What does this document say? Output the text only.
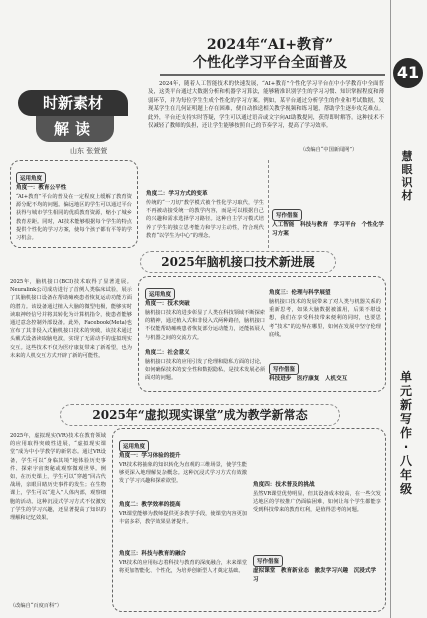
41
慧眼识材
单元新写作·八年级
时新素材
解读
山东 张萱萱
2024年“AI+教育”
个性化学习平台全面普及
2024年，随着人工智能技术的快速发展，“AI+教育”个性化学习平台在中小学教育中全面普及，这类平台通过大数据分析和机器学习算法，能够精准识别学生的学习习惯、知识掌握程度和薄弱环节，并为每位学生生成个性化的学习方案。例如，某平台通过分析学生的作业和考试数据，发现某学生在几何证明题上存在困难，便自动推送相关教学视频和练习题，帮助学生逐步攻克难点。此外，平台还支持实时答疑，学生可以通过语音或文字向AI助教提问，获得即时解答。这种技术不仅减轻了教师的负担，还让学生能够按照自己的节奏学习，提高了学习效率。
（改编自“中国新闻网”）
运用角度
角度一：教育公平性
“AI+教育”平台的普及在一定程度上缓解了教育资源分配不均的问题。偏远地区的学生可以通过平台获得与城市学生相同的优质教育资源，缩小了城乡教育差距。同时，AI技术能够根据每个学生的特点提供个性化的学习方案，使每个孩子都有平等的学习机会。

角度二：学习方式的变革
传统的“一刀切”教学模式被个性化学习取代，学生不再被动接受统一的教学内容，而是可以根据自己的兴趣和需求选择学习路径。这种自主学习模式培养了学生的独立思考能力和学习主动性，符合现代教育“以学生为中心”的理念。

写作借鉴
人工智能　科技与教育　学习平台　个性化学习方案
2025年脑机接口技术新进展
2025年，脑机接口(BCI)技术取得了显著进展。Neuralink公司成功进行了首例人类临床试验，展示了其脑机接口设备在帮助瘫痪患者恢复运动功能方面的潜力。该设备通过植入大脑的微型电极，能够实时读取神经信号并将其转化为计算机指令，使患者能够通过意念控制外部设备。此外，Facebook(Meta)也宣布了其非侵入式脑机接口技术的突破，该技术通过头戴式设备读取脑电波，实现了无需动手的虚拟现实交互。这些技术不仅为医疗康复带来了新希望，也为未来的人机交互方式开辟了新的可能性。
运用角度
角度一：技术突破
脑机接口技术的进步彰显了人类在科技领域不断探索的精神，通过植入式和非侵入式两种路径，脑机接口不仅能帮助瘫痪患者恢复部分运动能力，还能拓展人与机器之间的交流方式。
角度二：社会意义
脑机接口技术的应用引发了伦理和隐私方面的讨论，如何确保技术的安全性和数据隐私，是技术发展必须面对的问题。
角度三：伦理与科学展望
脑机接口技术的发展带来了对人类与机器关系的重新思考，如果大脑数据被滥用，后果不堪设想，我们在享受科技带来便利的同时，也要思考“技术”的边界在哪里，如何在发展中坚守伦理底线。
写作借鉴
科技进步　医疗康复　人机交互
2025年“虚拟现实课堂”成为教学新常态
2025年，虚拟现实(VR)技术在教育领域的应用取得突破性进展，“虚拟现实课堂”成为中小学教学的新常态。通过VR设备，学生可以“身临其境”地体验历史事件、探索宇宙奥秘或观察微观世界。例如，在历史课上，学生可以“穿越”回古代战场，亲眼目睹历史事件的发生；在生物课上，学生可以“进入”人体内部，观察细胞的活动。这种沉浸式学习方式不仅激发了学生的学习兴趣，还显著提高了知识的理解和记忆效果。
（改编自“百度百科”）
运用角度
角度一：学习体验的提升
VR技术将抽象的知识转化为直观的三维场景，使学生能够更深入地理解复杂概念。这种沉浸式学习方式有效激发了学习兴趣和探索欲望。
角度二：教学效率的提高
VR课堂能够为教师提供更多教学手段，使课堂内容更加丰富多彩，教学效果显著提升。
角度三：科技与教育的融合
VR技术的应用标志着科技与教育的深度融合，未来课堂将更加智能化、个性化，为培养创新型人才奠定基础。
角度四：技术普及的挑战
虽然VR课堂优势明显，但其设备成本较高，在一些欠发达地区的学校推广仍面临困难，如何让每个学生都能享受到科技带来的教育红利，是值得思考的问题。
写作借鉴
虚拟课堂　教育新业态　激发学习兴趣　沉浸式学习
